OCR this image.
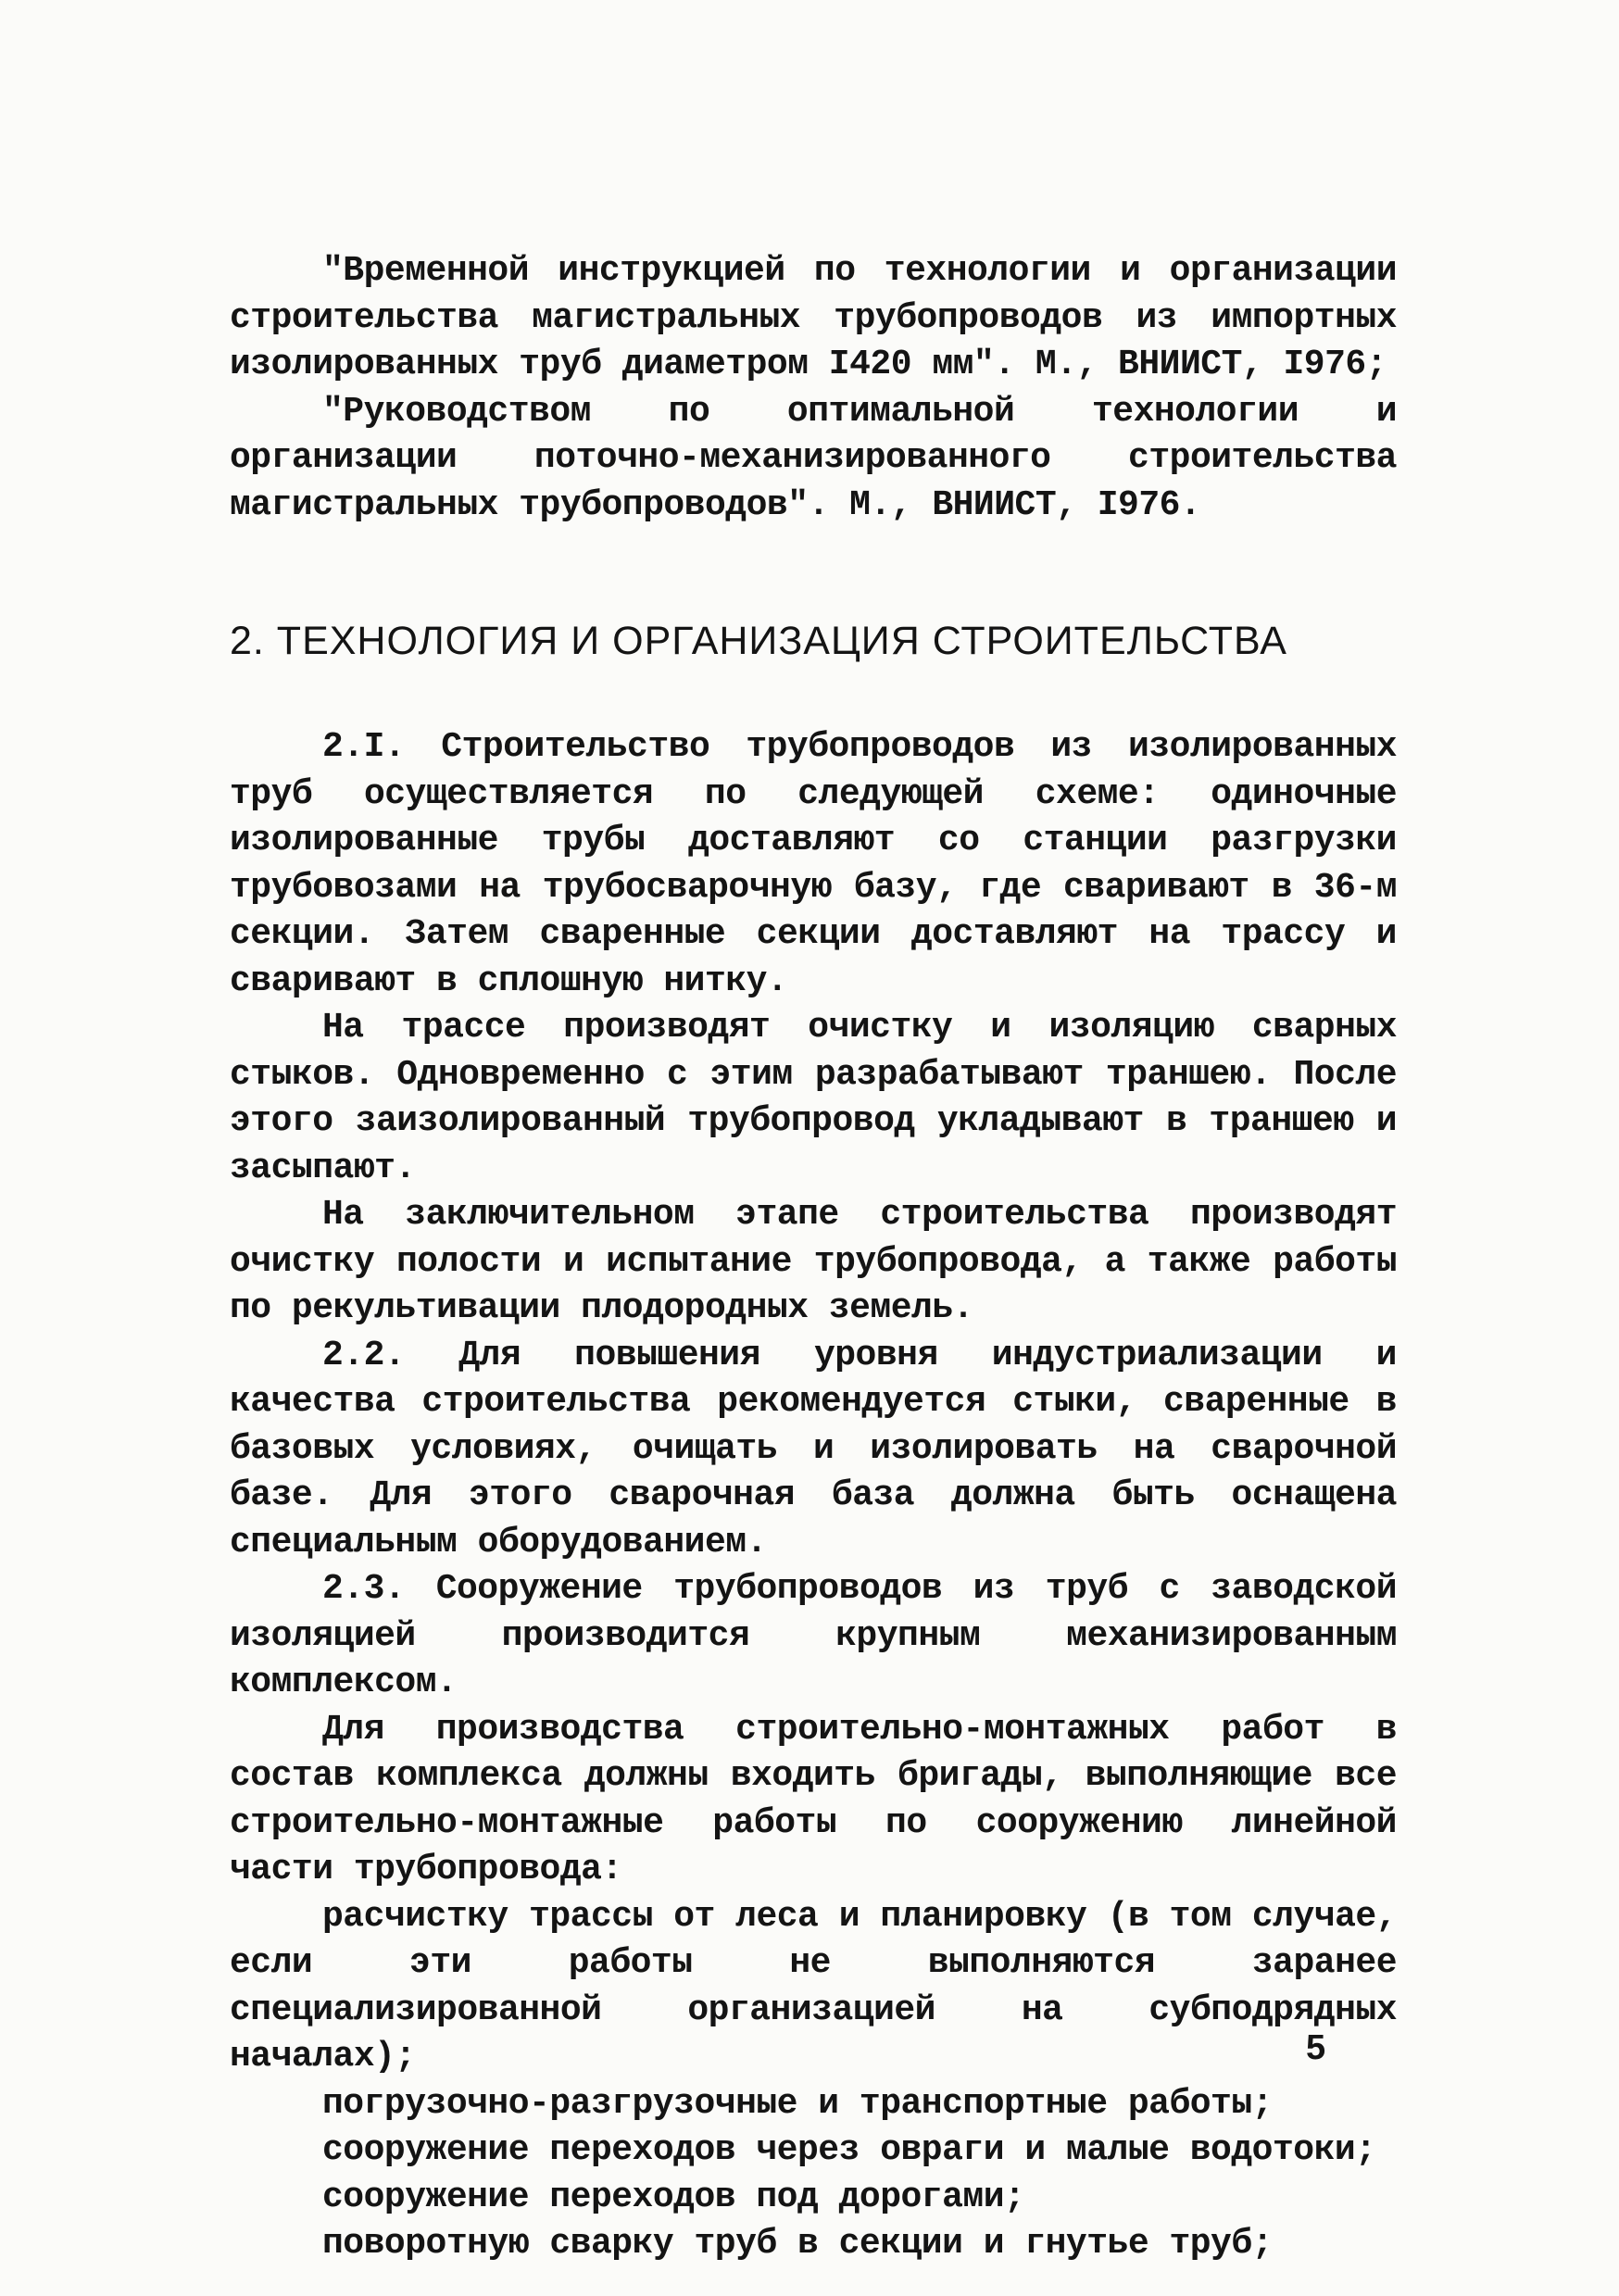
"Временной инструкцией по технологии и организации строительства магистральных трубопроводов из импортных изолированных труб диаметром I420 мм". М., ВНИИСТ, I976;

"Руководством по оптимальной технологии и организации поточно-механизированного строительства магистральных трубопроводов". М., ВНИИСТ, I976.

2. ТЕХНОЛОГИЯ И ОРГАНИЗАЦИЯ СТРОИТЕЛЬСТВА

2.I. Строительство трубопроводов из изолированных труб осуществляется по следующей схеме: одиночные изолированные трубы доставляют со станции разгрузки трубовозами на трубосварочную базу, где сваривают в 36-м секции. Затем сваренные секции доставляют на трассу и сваривают в сплошную нитку.

На трассе производят очистку и изоляцию сварных стыков. Одновременно с этим разрабатывают траншею. После этого заизолированный трубопровод укладывают в траншею и засыпают.

На заключительном этапе строительства производят очистку полости и испытание трубопровода, а также работы по рекультивации плодородных земель.

2.2. Для повышения уровня индустриализации и качества строительства рекомендуется стыки, сваренные в базовых условиях, очищать и изолировать на сварочной базе. Для этого сварочная база должна быть оснащена специальным оборудованием.

2.3. Сооружение трубопроводов из труб с заводской изоляцией производится крупным механизированным комплексом.

Для производства строительно-монтажных работ в состав комплекса должны входить бригады, выполняющие все строительно-монтажные работы по сооружению линейной части трубопровода:

расчистку трассы от леса и планировку (в том случае, если эти работы не выполняются заранее специализированной организацией на субподрядных началах);

погрузочно-разгрузочные и транспортные работы;

сооружение переходов через овраги и малые водотоки;

сооружение переходов под дорогами;

поворотную сварку труб в секции и гнутье труб;

5
